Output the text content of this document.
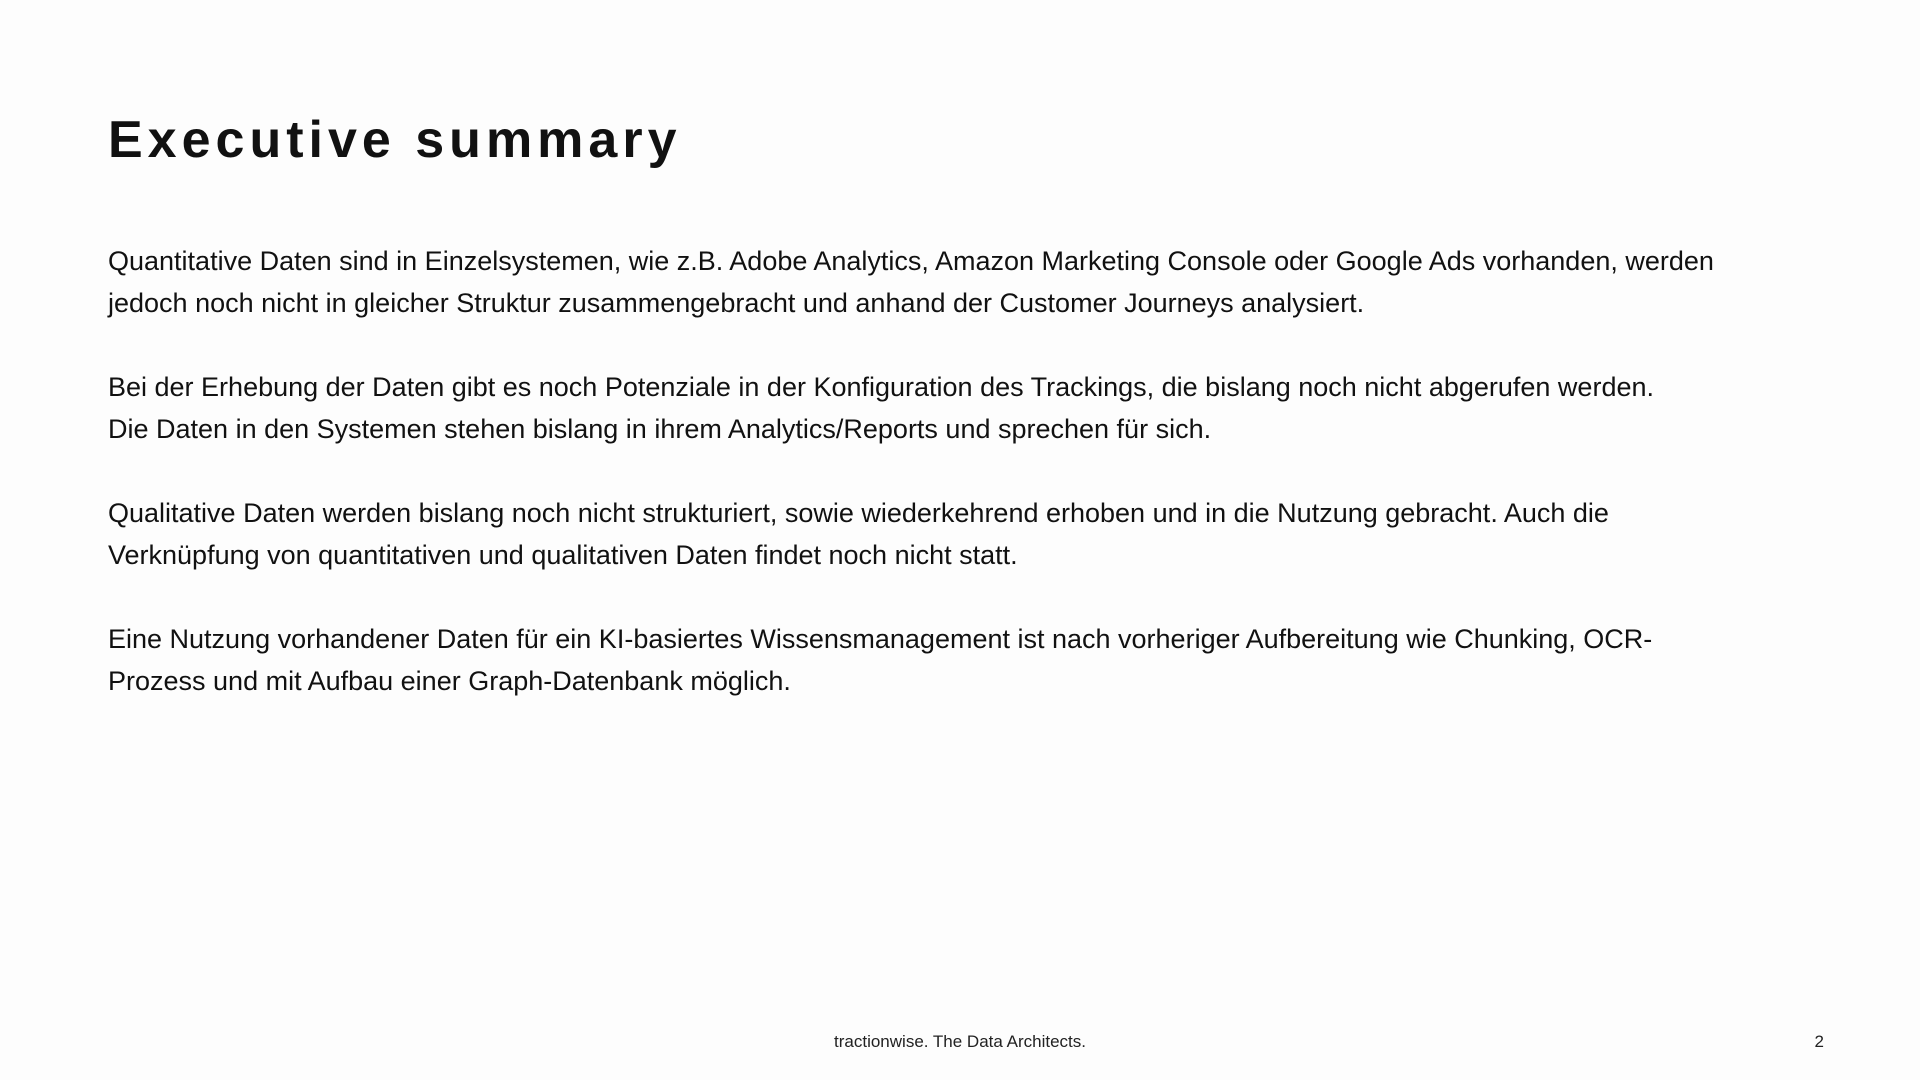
Executive summary

Quantitative Daten sind in Einzelsystemen, wie z.B. Adobe Analytics, Amazon Marketing Console oder Google Ads vorhanden, werden
jedoch noch nicht in gleicher Struktur zusammengebracht und anhand der Customer Journeys analysiert.

Bei der Erhebung der Daten gibt es noch Potenziale in der Konfiguration des Trackings, die bislang noch nicht abgerufen werden.
Die Daten in den Systemen stehen bislang in ihrem Analytics/Reports und sprechen für sich.

Qualitative Daten werden bislang noch nicht strukturiert, sowie wiederkehrend erhoben und in die Nutzung gebracht. Auch die
Verknüpfung von quantitativen und qualitativen Daten findet noch nicht statt.

Eine Nutzung vorhandener Daten für ein KI-basiertes Wissensmanagement ist nach vorheriger Aufbereitung wie Chunking, OCR-
Prozess und mit Aufbau einer Graph-Datenbank möglich.

tractionwise. The Data Architects.	2
